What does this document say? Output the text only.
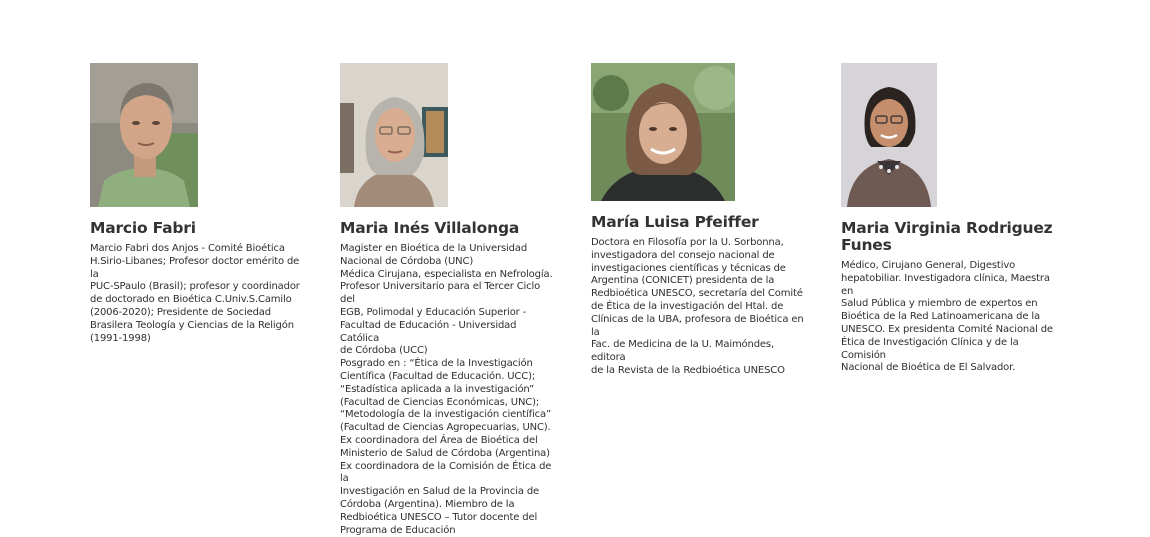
Marcio Fabri
Marcio Fabri dos Anjos - Comité Bioética
H.Sirio-Libanes; Profesor doctor emérito de la
PUC-SPaulo (Brasil); profesor y coordinador
de doctorado en Bioética C.Univ.S.Camilo
(2006-2020); Presidente de Sociedad
Brasilera Teología y Ciencias de la Religón
(1991-1998)
Maria Inés Villalonga
Magister en Bioética de la Universidad
Nacional de Córdoba (UNC)
Médica Cirujana, especialista en Nefrología.
Profesor Universitario para el Tercer Ciclo del
EGB, Polimodal y Educación Superior -
Facultad de Educación - Universidad Católica
de Córdoba (UCC)
Posgrado en : “Ética de la Investigación
Científica (Facultad de Educación. UCC);
“Estadística aplicada a la investigación”
(Facultad de Ciencias Económicas, UNC);
“Metodología de la investigación científica”
(Facultad de Ciencias Agropecuarias, UNC).
Ex coordinadora del Área de Bioética del
Ministerio de Salud de Córdoba (Argentina)
Ex coordinadora de la Comisión de Ética de la
Investigación en Salud de la Provincia de
Córdoba (Argentina). Miembro de la
Redbioética UNESCO – Tutor docente del
Programa de Educación
María Luisa Pfeiffer
Doctora en Filosofía por la U. Sorbonna,
investigadora del consejo nacional de
investigaciones científicas y técnicas de
Argentina (CONICET) presidenta de la
Redbioética UNESCO, secretaría del Comité
de Ética de la investigación del Htal. de
Clínicas de la UBA, profesora de Bioética en la
Fac. de Medicina de la U. Maimóndes, editora
de la Revista de la Redbioética UNESCO
Maria Virginia Rodriguez
Funes
Médico, Cirujano General, Digestivo
hepatobiliar. Investigadora clínica, Maestra en
Salud Pública y miembro de expertos en
Bioética de la Red Latinoamericana de la
UNESCO. Ex presidenta Comité Nacional de
Ética de Investigación Clínica y de la Comisión
Nacional de Bioética de El Salvador.
